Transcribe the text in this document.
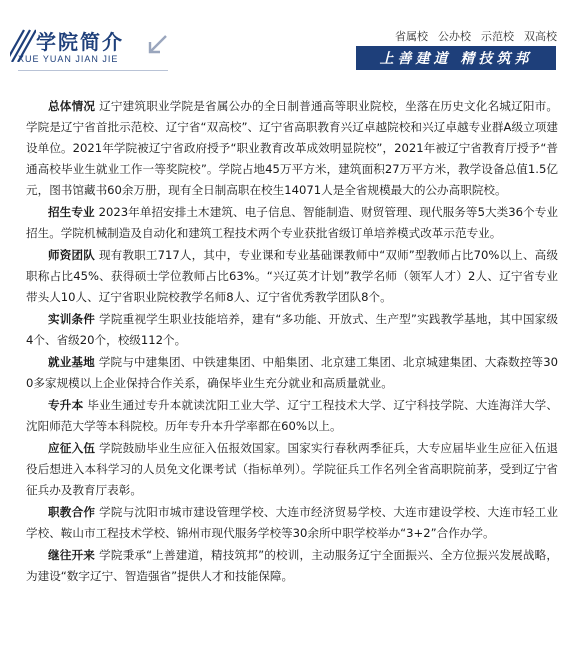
学院简介
XUE YUAN JIAN JIE
省属校 公办校 示范校 双高校
上善建道 精技筑邦

总体情况 辽宁建筑职业学院是省属公办的全日制普通高等职业院校，坐落在历史文化名城辽阳市。学院是辽宁省首批示范校、辽宁省“双高校”、辽宁省高职教育兴辽卓越院校和兴辽卓越专业群A级立项建设单位。2021年学院被辽宁省政府授予“职业教育改革成效明显院校”，2021年被辽宁省教育厅授予“普通高校毕业生就业工作一等奖院校”。学院占地45万平方米，建筑面积27万平方米，教学设备总值1.5亿元，图书馆藏书60余万册，现有全日制高职在校生14071人是全省规模最大的公办高职院校。

招生专业 2023年单招安排土木建筑、电子信息、智能制造、财贸管理、现代服务等5大类36个专业招生。学院机械制造及自动化和建筑工程技术两个专业获批省级订单培养模式改革示范专业。

师资团队 现有教职工717人，其中，专业课和专业基础课教师中“双师”型教师占比70%以上、高级职称占比45%、获得硕士学位教师占比63%。“兴辽英才计划”教学名师（领军人才）2人、辽宁省专业带头人10人、辽宁省职业院校教学名师8人、辽宁省优秀教学团队8个。

实训条件 学院重视学生职业技能培养，建有“多功能、开放式、生产型”实践教学基地，其中国家级4个、省级20个，校级112个。

就业基地 学院与中建集团、中铁建集团、中船集团、北京建工集团、北京城建集团、大森数控等300多家规模以上企业保持合作关系，确保毕业生充分就业和高质量就业。

专升本 毕业生通过专升本就读沈阳工业大学、辽宁工程技术大学、辽宁科技学院、大连海洋大学、沈阳师范大学等本科院校。历年专升本升学率都在60%以上。

应征入伍 学院鼓励毕业生应征入伍报效国家。国家实行春秋两季征兵，大专应届毕业生应征入伍退役后想进入本科学习的人员免文化课考试（指标单列）。学院征兵工作名列全省高职院前茅，受到辽宁省征兵办及教育厅表彰。

职教合作 学院与沈阳市城市建设管理学校、大连市经济贸易学校、大连市建设学校、大连市轻工业学校、鞍山市工程技术学校、锦州市现代服务学校等30余所中职学校举办“3+2”合作办学。

继往开来 学院秉承“上善建道，精技筑邦”的校训，主动服务辽宁全面振兴、全方位振兴发展战略，为建设“数字辽宁、智造强省”提供人才和技能保障。
